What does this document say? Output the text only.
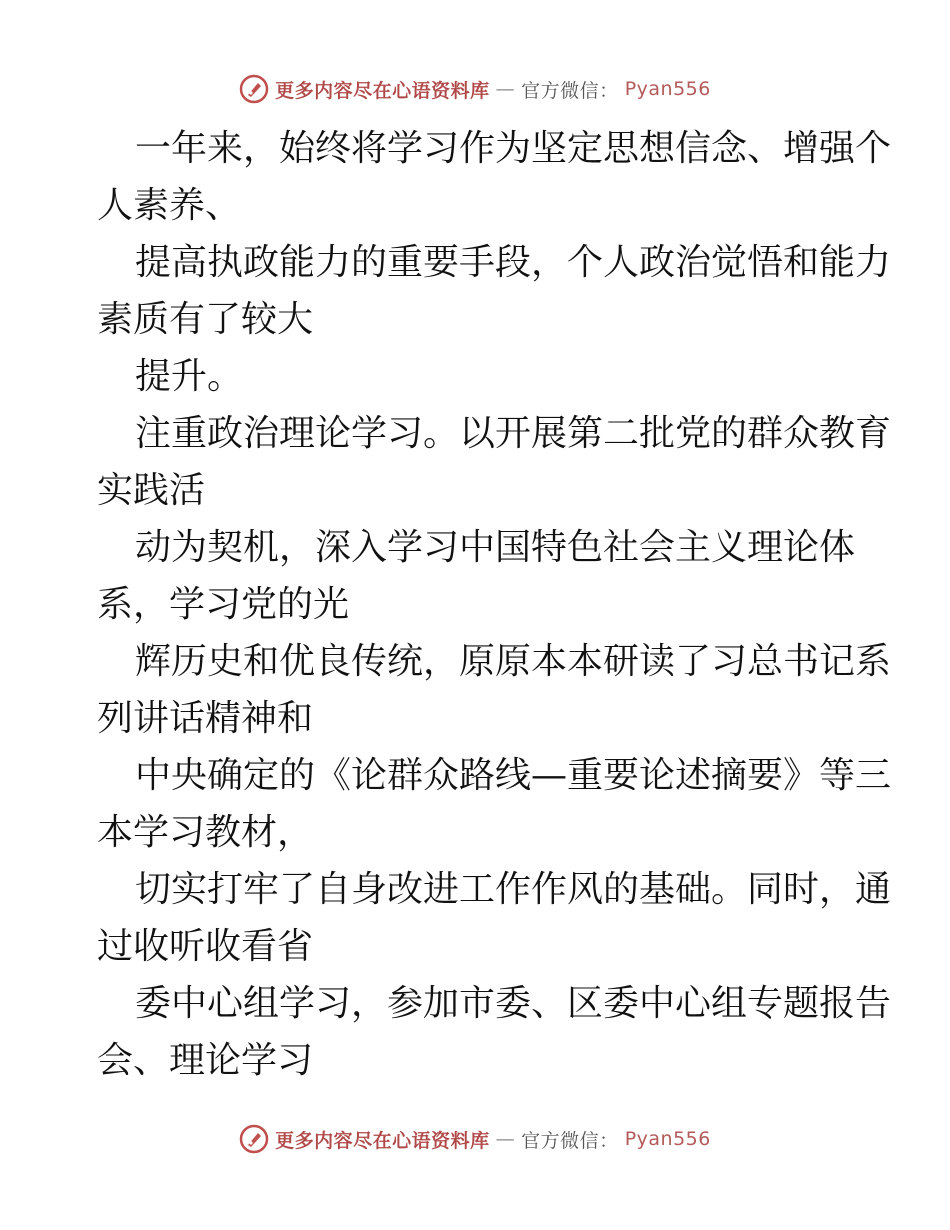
更多内容尽在心语资料库 — 官方微信： Pyan556
一年来，始终将学习作为坚定思想信念、增强个
人素养、
提高执政能力的重要手段，个人政治觉悟和能力
素质有了较大
提升。
注重政治理论学习。以开展第二批党的群众教育
实践活
动为契机，深入学习中国特色社会主义理论体
系，学习党的光
辉历史和优良传统，原原本本研读了习总书记系
列讲话精神和
中央确定的《论群众路线—重要论述摘要》等三
本学习教材，
切实打牢了自身改进工作作风的基础。同时，通
过收听收看省
委中心组学习，参加市委、区委中心组专题报告
会、理论学习
更多内容尽在心语资料库 — 官方微信： Pyan556
